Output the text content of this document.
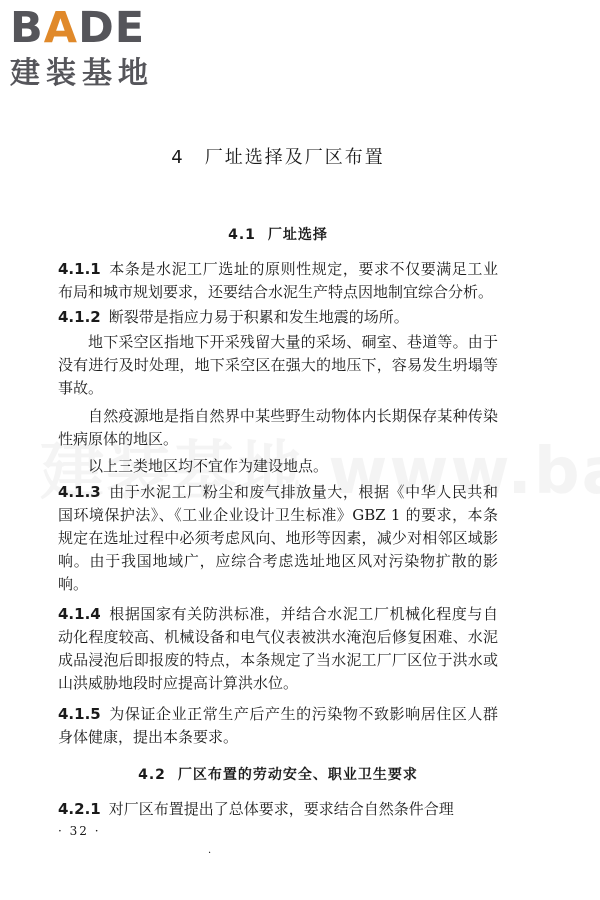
BADE
建装基地
4　厂址选择及厂区布置
4.1 厂址选择

4.1.1 本条是水泥工厂选址的原则性规定，要求不仅要满足工业布局和城市规划要求，还要结合水泥生产特点因地制宜综合分析。

4.1.2 断裂带是指应力易于积累和发生地震的场所。

地下采空区指地下开采残留大量的采场、硐室、巷道等。由于没有进行及时处理，地下采空区在强大的地压下，容易发生坍塌等事故。

自然疫源地是指自然界中某些野生动物体内长期保存某种传染性病原体的地区。

以上三类地区均不宜作为建设地点。

4.1.3 由于水泥工厂粉尘和废气排放量大，根据《中华人民共和国环境保护法》、《工业企业设计卫生标准》GBZ 1 的要求，本条规定在选址过程中必须考虑风向、地形等因素，减少对相邻区域影响。由于我国地域广，应综合考虑选址地区风对污染物扩散的影响。

4.1.4 根据国家有关防洪标准，并结合水泥工厂机械化程度与自动化程度较高、机械设备和电气仪表被洪水淹泡后修复困难、水泥成品浸泡后即报废的特点，本条规定了当水泥工厂厂区位于洪水或山洪威胁地段时应提高计算洪水位。

4.1.5 为保证企业正常生产后产生的污染物不致影响居住区人群身体健康，提出本条要求。

4.2 厂区布置的劳动安全、职业卫生要求

4.2.1 对厂区布置提出了总体要求，要求结合自然条件合理

· 32 ·
·
